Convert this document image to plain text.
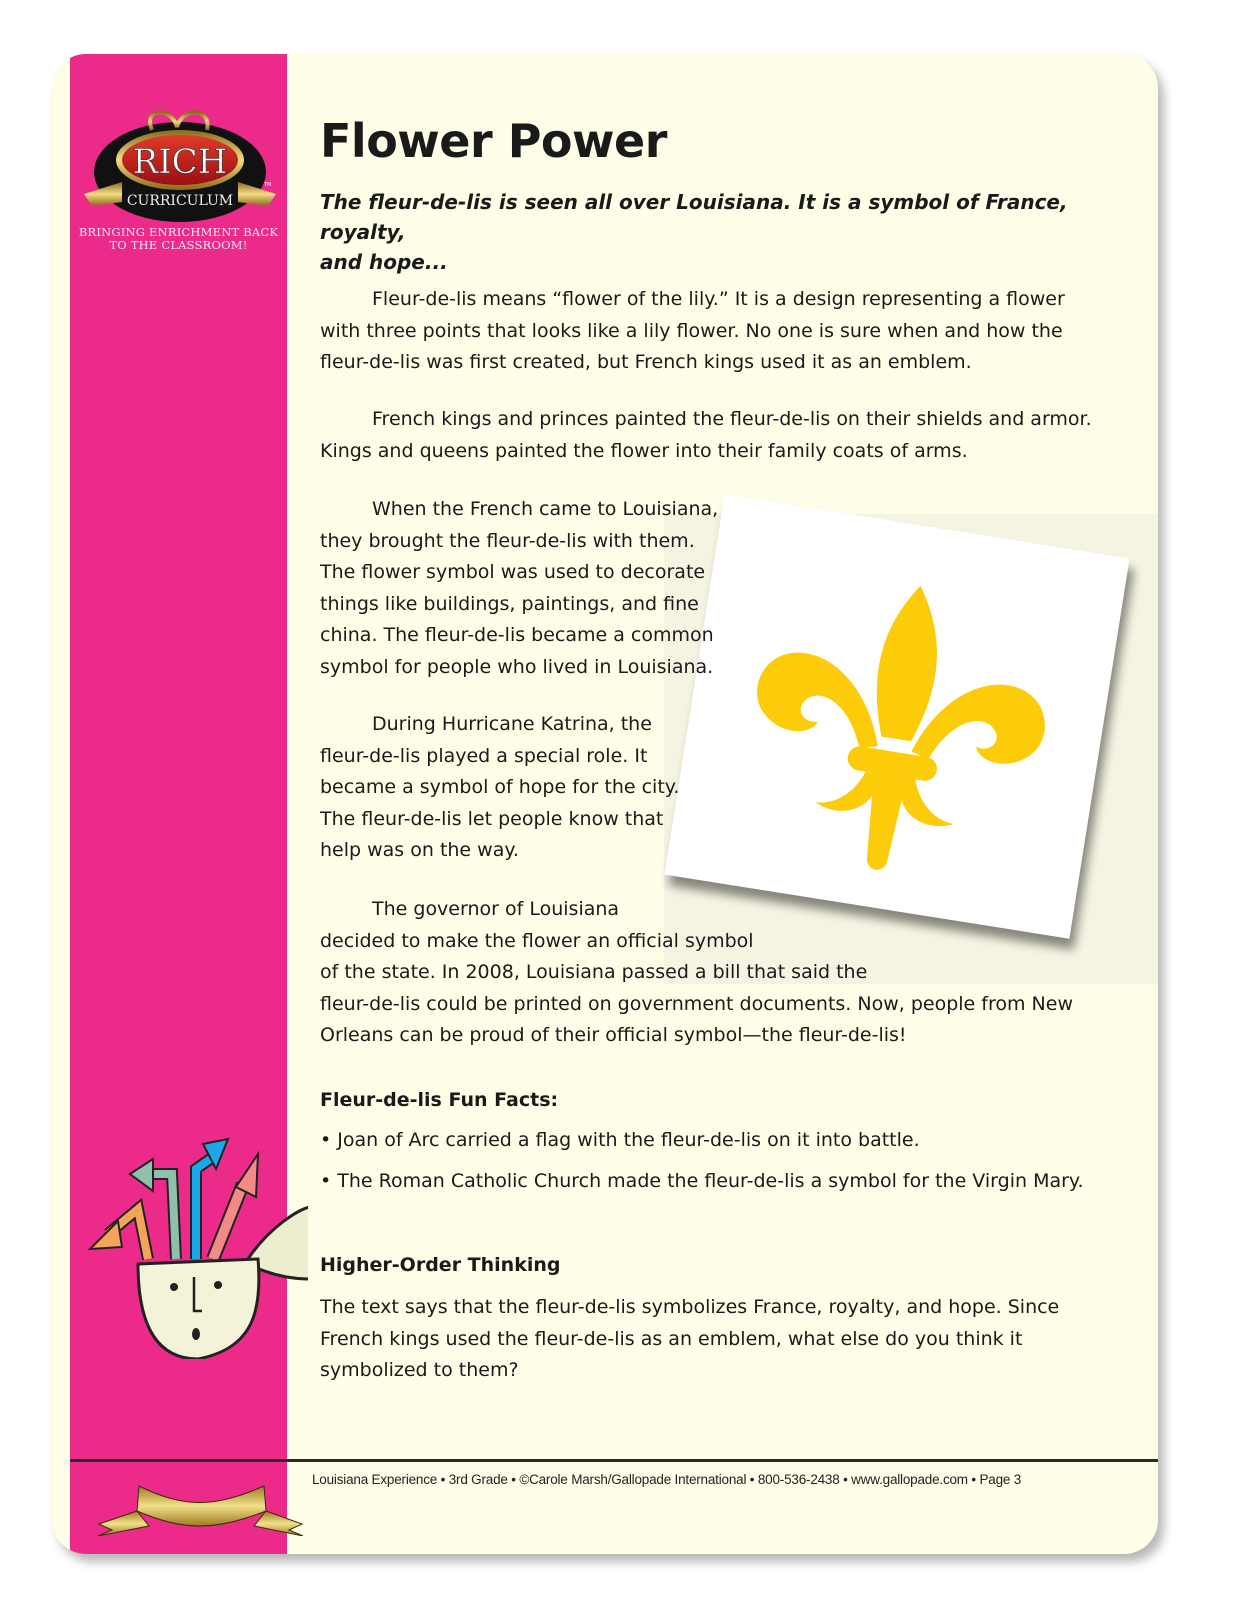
RICH
CURRICULUM
TM
BRINGING ENRICHMENT BACK
TO THE CLASSROOM!
Flower Power
The fleur-de-lis is seen all over Louisiana. It is a symbol of France, royalty,
and hope...
Fleur-de-lis means “flower of the lily.” It is a design representing a flower
with three points that looks like a lily flower. No one is sure when and how the
fleur-de-lis was first created, but French kings used it as an emblem.
French kings and princes painted the fleur-de-lis on their shields and armor.
Kings and queens painted the flower into their family coats of arms.
When the French came to Louisiana,
they brought the fleur-de-lis with them.
The flower symbol was used to decorate
things like buildings, paintings, and fine
china. The fleur-de-lis became a common
symbol for people who lived in Louisiana.
During Hurricane Katrina, the
fleur-de-lis played a special role. It
became a symbol of hope for the city.
The fleur-de-lis let people know that
help was on the way.
The governor of Louisiana
decided to make the flower an official symbol
of the state. In 2008, Louisiana passed a bill that said the
fleur-de-lis could be printed on government documents. Now, people from New
Orleans can be proud of their official symbol—the fleur-de-lis!
Fleur-de-lis Fun Facts:
• Joan of Arc carried a flag with the fleur-de-lis on it into battle.
• The Roman Catholic Church made the fleur-de-lis a symbol for the Virgin Mary.
Higher-Order Thinking
The text says that the fleur-de-lis symbolizes France, royalty, and hope. Since
French kings used the fleur-de-lis as an emblem, what else do you think it
symbolized to them?
Louisiana Experience • 3rd Grade • ©Carole Marsh/Gallopade International • 800-536-2438 • www.gallopade.com • Page 3
